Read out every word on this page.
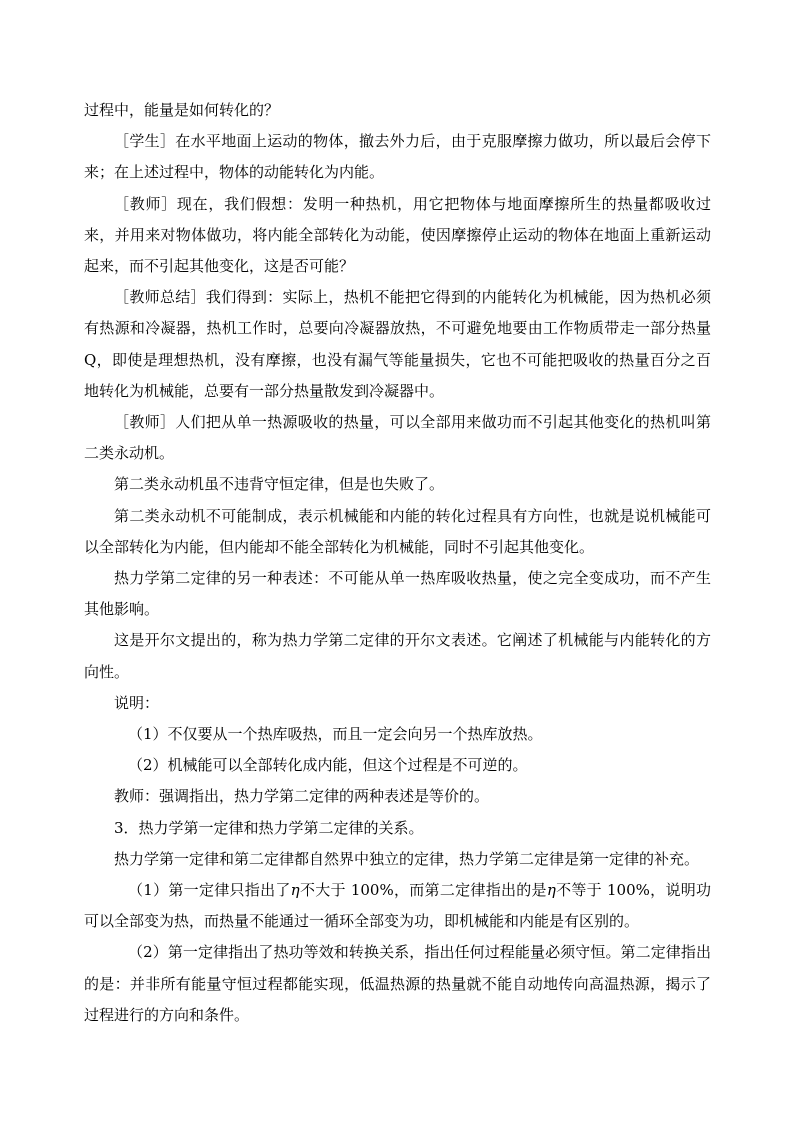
过程中，能量是如何转化的？

［学生］在水平地面上运动的物体，撤去外力后，由于克服摩擦力做功，所以最后会停下来；在上述过程中，物体的动能转化为内能。

［教师］现在，我们假想：发明一种热机，用它把物体与地面摩擦所生的热量都吸收过来，并用来对物体做功，将内能全部转化为动能，使因摩擦停止运动的物体在地面上重新运动起来，而不引起其他变化，这是否可能？

［教师总结］我们得到：实际上，热机不能把它得到的内能转化为机械能，因为热机必须有热源和冷凝器，热机工作时，总要向冷凝器放热，不可避免地要由工作物质带走一部分热量 Q，即使是理想热机，没有摩擦，也没有漏气等能量损失，它也不可能把吸收的热量百分之百地转化为机械能，总要有一部分热量散发到冷凝器中。

［教师］人们把从单一热源吸收的热量，可以全部用来做功而不引起其他变化的热机叫第二类永动机。

第二类永动机虽不违背守恒定律，但是也失败了。

第二类永动机不可能制成，表示机械能和内能的转化过程具有方向性，也就是说机械能可以全部转化为内能，但内能却不能全部转化为机械能，同时不引起其他变化。

热力学第二定律的另一种表述：不可能从单一热库吸收热量，使之完全变成功，而不产生其他影响。

这是开尔文提出的，称为热力学第二定律的开尔文表述。它阐述了机械能与内能转化的方向性。

说明：

（1）不仅要从一个热库吸热，而且一定会向另一个热库放热。

（2）机械能可以全部转化成内能，但这个过程是不可逆的。

教师：强调指出，热力学第二定律的两种表述是等价的。

3．热力学第一定律和热力学第二定律的关系。

热力学第一定律和第二定律都自然界中独立的定律，热力学第二定律是第一定律的补充。

（1）第一定律只指出了η不大于 100%，而第二定律指出的是η不等于 100%，说明功可以全部变为热，而热量不能通过一循环全部变为功，即机械能和内能是有区别的。

（2）第一定律指出了热功等效和转换关系，指出任何过程能量必须守恒。第二定律指出的是：并非所有能量守恒过程都能实现，低温热源的热量就不能自动地传向高温热源，揭示了过程进行的方向和条件。
